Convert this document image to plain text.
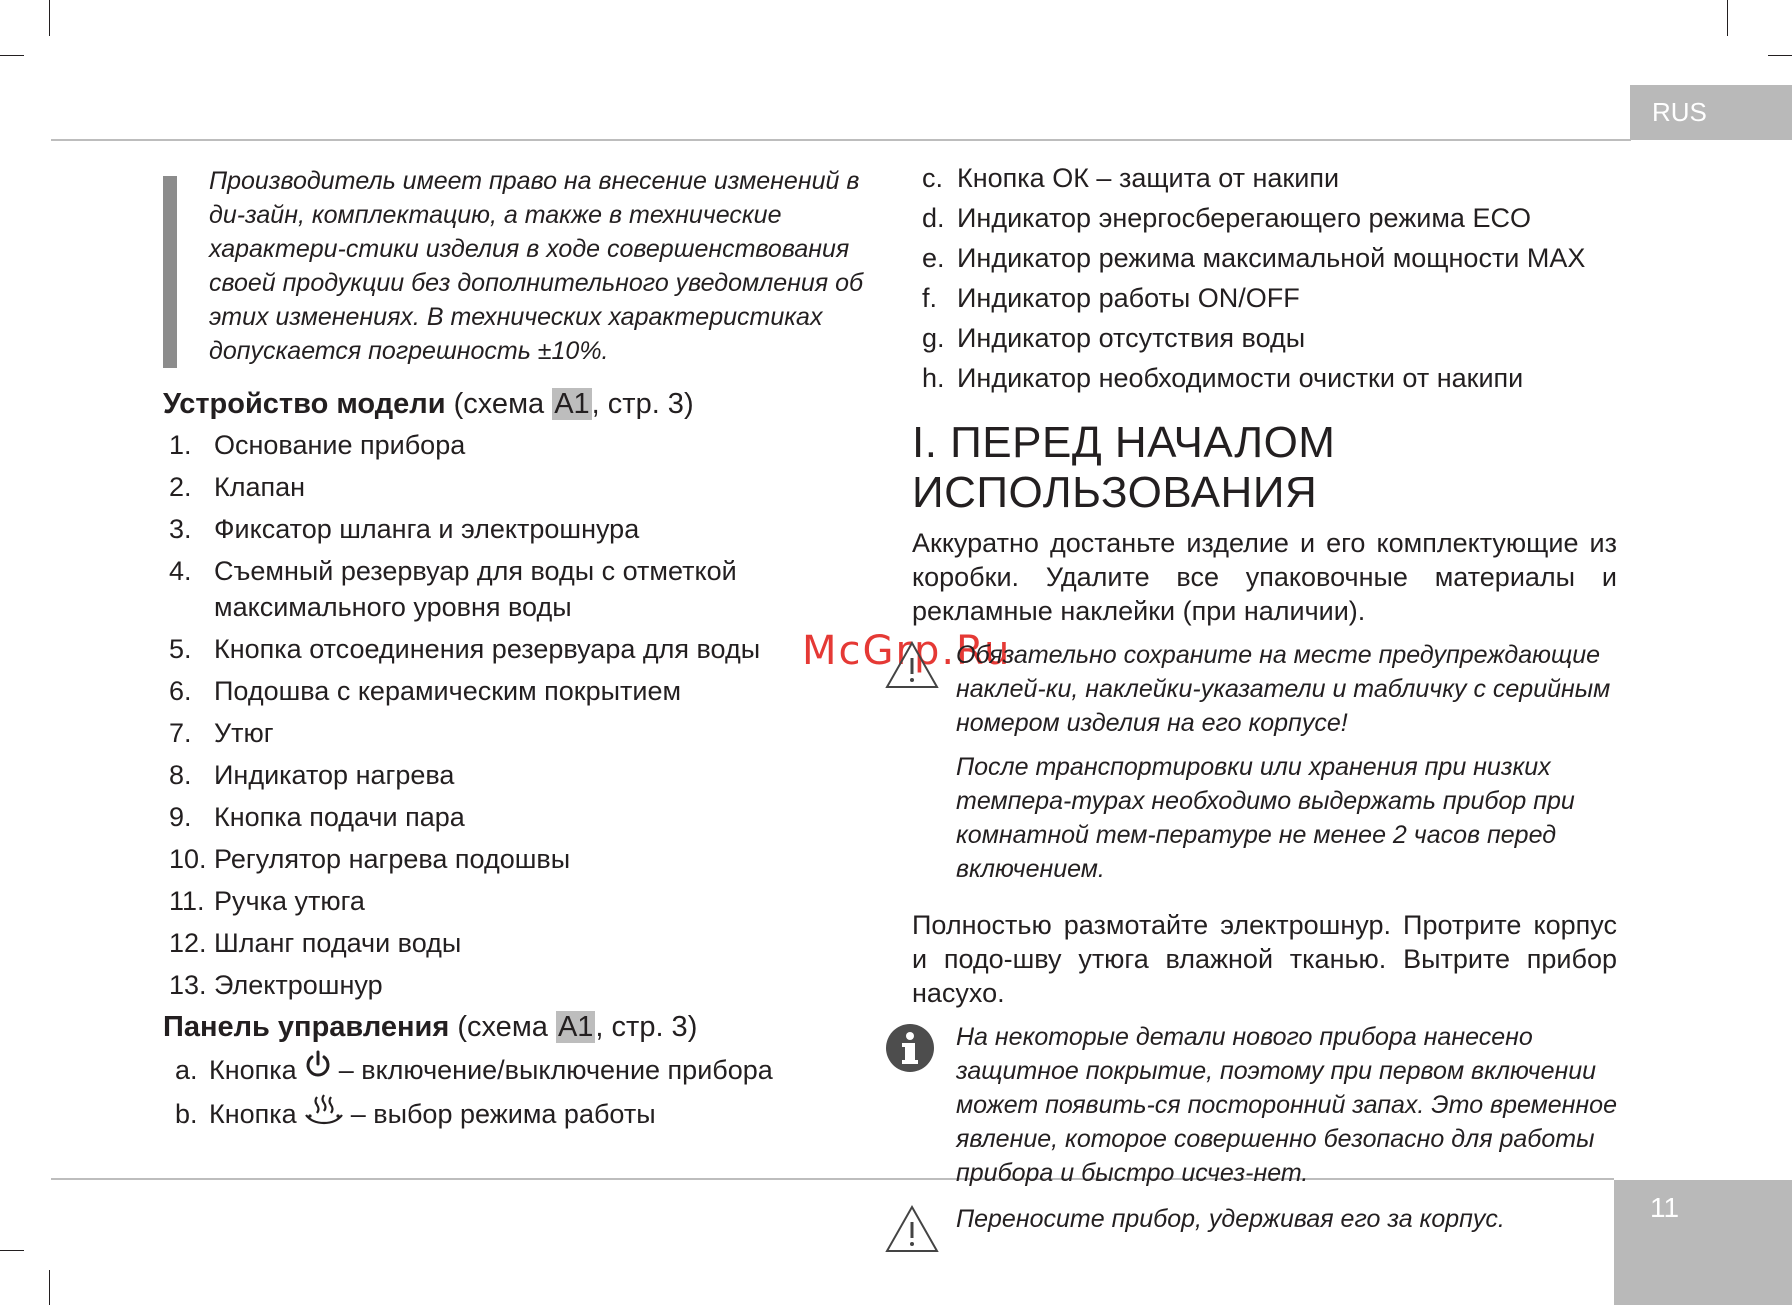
RUS
11
Производитель имеет право на внесение изменений в ди-зайн, комплектацию, а также в технические характери-стики изделия в ходе совершенствования своей продукции без дополнительного уведомления об этих изменениях. В технических характеристиках допускается погрешность ±10%.
Устройство модели (схема A1, стр. 3)
1. Основание прибора
2. Клапан
3. Фиксатор шланга и электрошнура
4. Съемный резервуар для воды с отметкой максимального уровня воды
5. Кнопка отсоединения резервуара для воды
6. Подошва с керамическим покрытием
7. Утюг
8. Индикатор нагрева
9. Кнопка подачи пара
10. Регулятор нагрева подошвы
11. Ручка утюга
12. Шланг подачи воды
13. Электрошнур
Панель управления (схема A1, стр. 3)
a. Кнопка – включение/выключение прибора
b. Кнопка – выбор режима работы
McGrp.Ru
c. Кнопка ОК – защита от накипи
d. Индикатор энергосберегающего режима ECO
e. Индикатор режима максимальной мощности MAX
f. Индикатор работы ON/OFF
g. Индикатор отсутствия воды
h. Индикатор необходимости очистки от накипи
I. ПЕРЕД НАЧАЛОМ ИСПОЛЬЗОВАНИЯ

Аккуратно достаньте изделие и его комплектующие из коробки. Удалите все упаковочные материалы и рекламные наклейки (при наличии).

Обязательно сохраните на месте предупреждающие наклей-ки, наклейки-указатели и табличку с серийным номером изделия на его корпусе!

После транспортировки или хранения при низких темпера-турах необходимо выдержать прибор при комнатной тем-пературе не менее 2 часов перед включением.

Полностью размотайте электрошнур. Протрите корпус и подо-шву утюга влажной тканью. Вытрите прибор насухо.

На некоторые детали нового прибора нанесено защитное покрытие, поэтому при первом включении может появить-ся посторонний запах. Это временное явление, которое совершенно безопасно для работы прибора и быстро исчез-нет.
Переносите прибор, удерживая его за корпус.
